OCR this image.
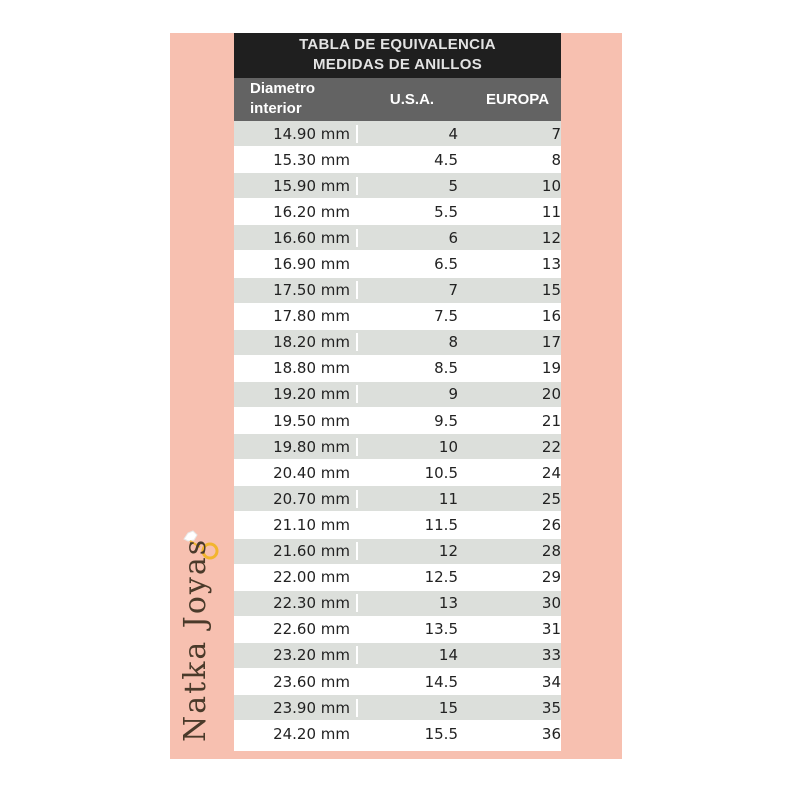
TABLA DE EQUIVALENCIA
MEDIDAS DE ANILLOS
Diametro
interior	U.S.A.	EUROPA
14.90 mm	4	7
15.30 mm	4.5	8
15.90 mm	5	10
16.20 mm	5.5	11
16.60 mm	6	12
16.90 mm	6.5	13
17.50 mm	7	15
17.80 mm	7.5	16
18.20 mm	8	17
18.80 mm	8.5	19
19.20 mm	9	20
19.50 mm	9.5	21
19.80 mm	10	22
20.40 mm	10.5	24
20.70 mm	11	25
21.10 mm	11.5	26
21.60 mm	12	28
22.00 mm	12.5	29
22.30 mm	13	30
22.60 mm	13.5	31
23.20 mm	14	33
23.60 mm	14.5	34
23.90 mm	15	35
24.20 mm	15.5	36
Natka Joyas
